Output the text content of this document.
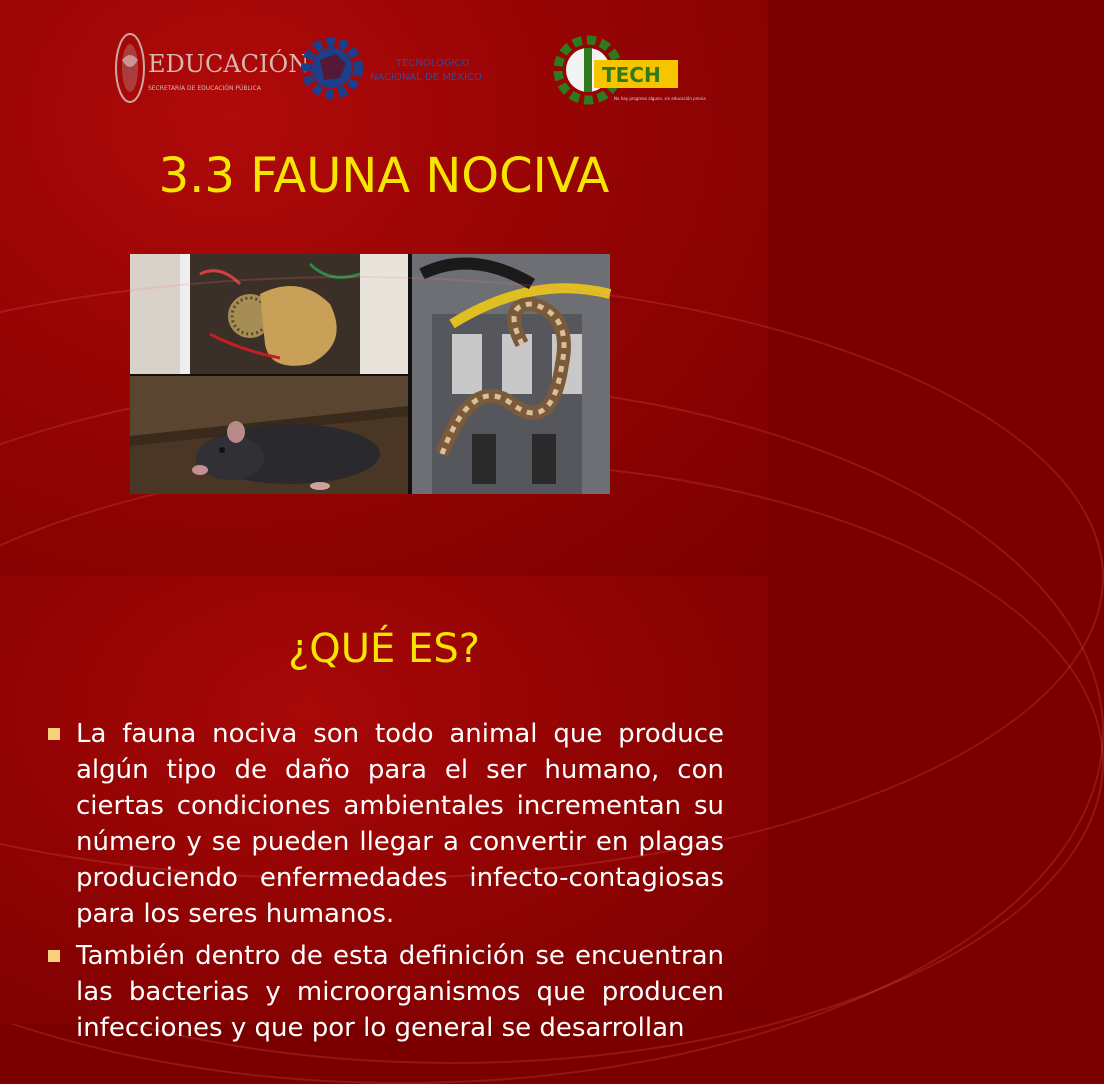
EDUCACIÓN
SECRETARÍA DE EDUCACIÓN PÚBLICA
TECNOLÓGICO
NACIONAL DE MÉXICO	TECH
No hay progreso alguno, sin educación previa
3.3 FAUNA NOCIVA
¿QUÉ ES?
La fauna nociva son todo animal que produce algún tipo de daño para el ser humano, con ciertas condiciones ambientales incrementan su número y se pueden llegar a convertir en plagas produciendo enfermedades infecto-contagiosas para los seres humanos.
También dentro de esta definición se encuentran las bacterias y microorganismos que producen infecciones y que por lo general se desarrollan
